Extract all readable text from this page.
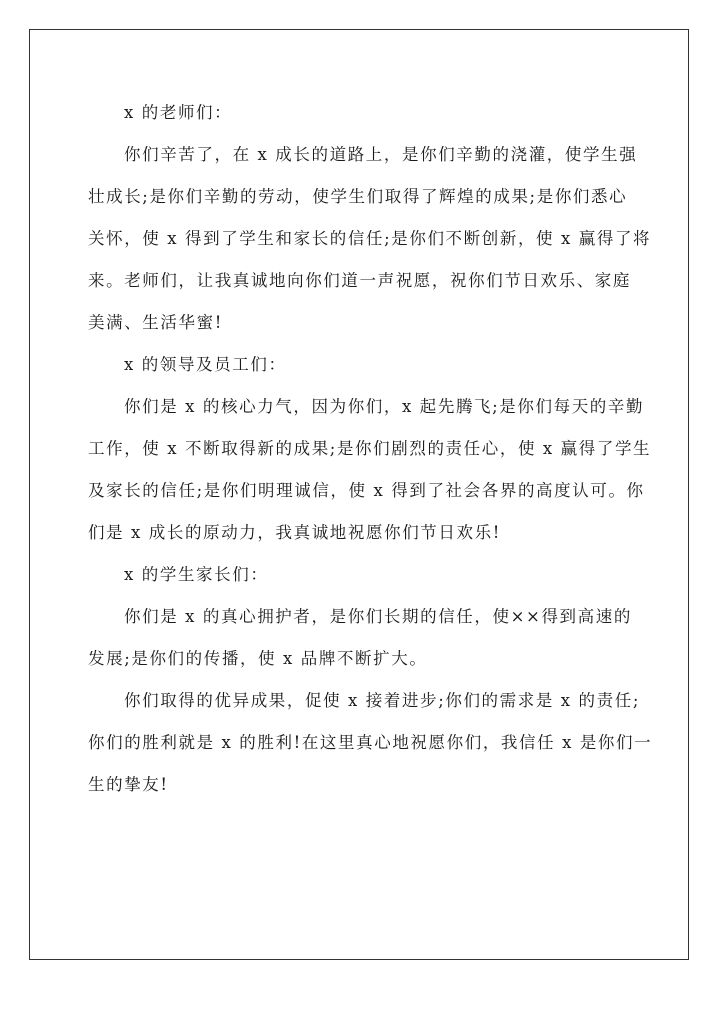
x 的老师们：
你们辛苦了，在 x 成长的道路上，是你们辛勤的浇灌，使学生强
壮成长;是你们辛勤的劳动，使学生们取得了辉煌的成果;是你们悉心
关怀，使 x 得到了学生和家长的信任;是你们不断创新，使 x 赢得了将
来。老师们，让我真诚地向你们道一声祝愿，祝你们节日欢乐、家庭
美满、生活华蜜!
x 的领导及员工们：
你们是 x 的核心力气，因为你们，x 起先腾飞;是你们每天的辛勤
工作，使 x 不断取得新的成果;是你们剧烈的责任心，使 x 赢得了学生
及家长的信任;是你们明理诚信，使 x 得到了社会各界的高度认可。你
们是 x 成长的原动力，我真诚地祝愿你们节日欢乐!
x 的学生家长们：
你们是 x 的真心拥护者，是你们长期的信任，使××得到高速的
发展;是你们的传播，使 x 品牌不断扩大。
你们取得的优异成果，促使 x 接着进步;你们的需求是 x 的责任;
你们的胜利就是 x 的胜利!在这里真心地祝愿你们，我信任 x 是你们一
生的挚友!
